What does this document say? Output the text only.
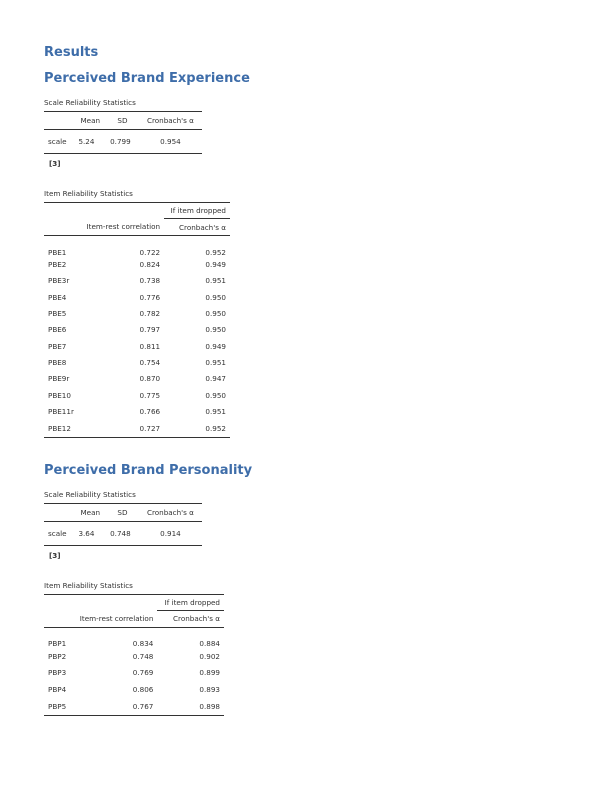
Results
Perceived Brand Experience
Scale Reliability Statistics
	Mean	SD	Cronbach's α
scale	5.24	0.799	0.954
[3]
Item Reliability Statistics
		If item dropped
	Item-rest correlation	Cronbach's α
PBE1	0.722	0.952
PBE2	0.824	0.949
PBE3r	0.738	0.951
PBE4	0.776	0.950
PBE5	0.782	0.950
PBE6	0.797	0.950
PBE7	0.811	0.949
PBE8	0.754	0.951
PBE9r	0.870	0.947
PBE10	0.775	0.950
PBE11r	0.766	0.951
PBE12	0.727	0.952
Perceived Brand Personality
Scale Reliability Statistics
	Mean	SD	Cronbach's α
scale	3.64	0.748	0.914
[3]
Item Reliability Statistics
		If item dropped
	Item-rest correlation	Cronbach's α
PBP1	0.834	0.884
PBP2	0.748	0.902
PBP3	0.769	0.899
PBP4	0.806	0.893
PBP5	0.767	0.898
